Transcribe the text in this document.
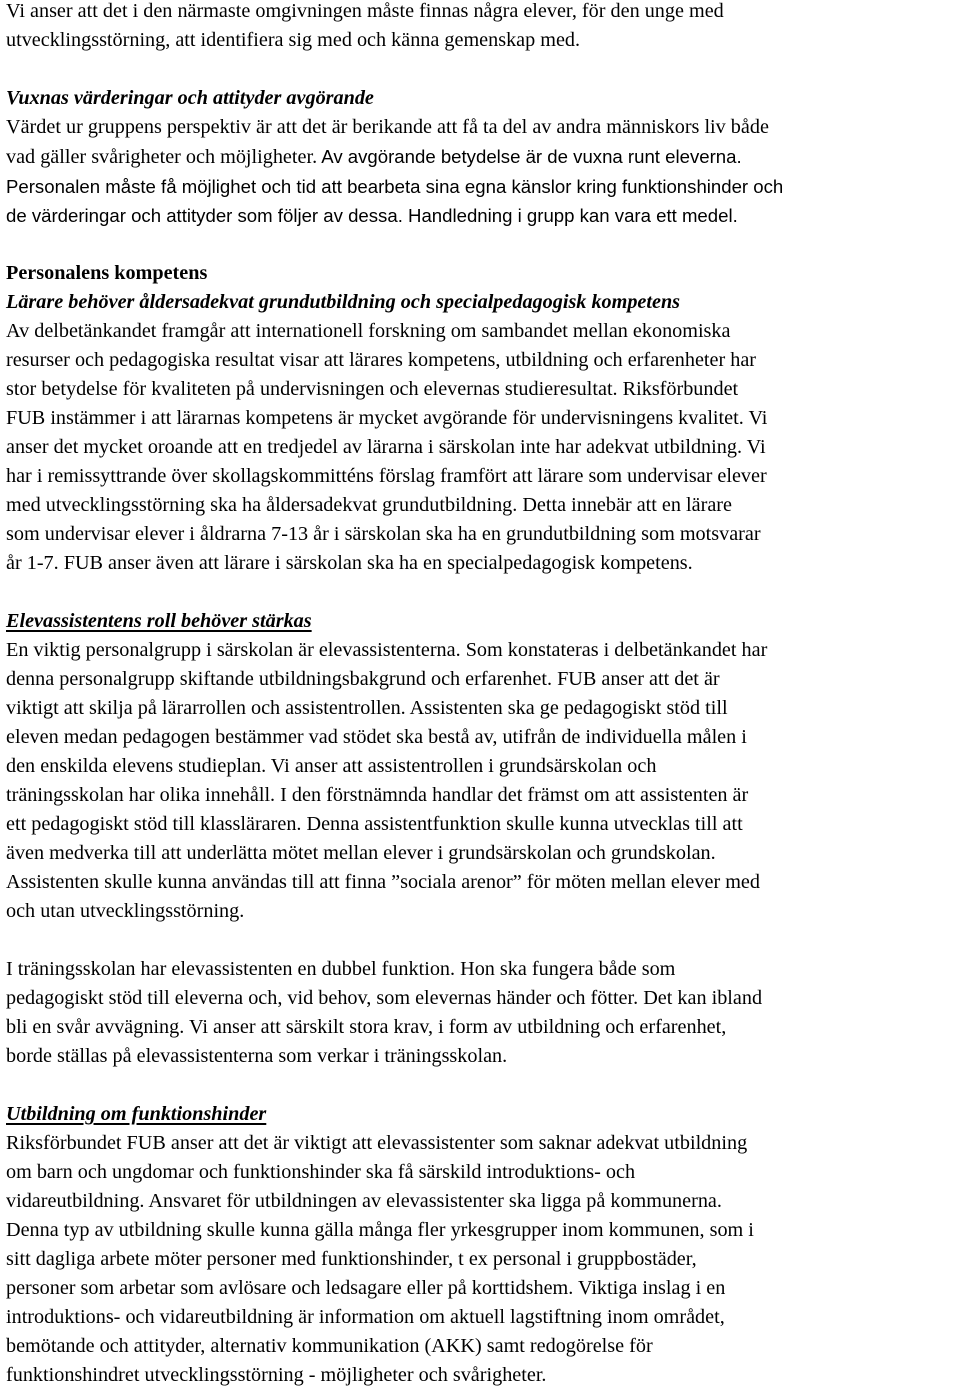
Vi anser att det i den närmaste omgivningen måste finnas några elever, för den unge med
utvecklingsstörning, att identifiera sig med och känna gemenskap med.
Vuxnas värderingar och attityder avgörande
Värdet ur gruppens perspektiv är att det är berikande att få ta del av andra människors liv både
vad gäller svårigheter och möjligheter. Av avgörande betydelse är de vuxna runt eleverna.
Personalen måste få möjlighet och tid att bearbeta sina egna känslor kring funktionshinder och
de värderingar och attityder som följer av dessa. Handledning i grupp kan vara ett medel.
Personalens kompetens
Lärare behöver åldersadekvat grundutbildning och specialpedagogisk kompetens
Av delbetänkandet framgår att internationell forskning om sambandet mellan ekonomiska
resurser och pedagogiska resultat visar att lärares kompetens, utbildning och erfarenheter har
stor betydelse för kvaliteten på undervisningen och elevernas studieresultat. Riksförbundet
FUB instämmer i att lärarnas kompetens är mycket avgörande för undervisningens kvalitet. Vi
anser det mycket oroande att en tredjedel av lärarna i särskolan inte har adekvat utbildning. Vi
har i remissyttrande över skollagskommitténs förslag framfört att lärare som undervisar elever
med utvecklingsstörning ska ha åldersadekvat grundutbildning. Detta innebär att en lärare
som undervisar elever i åldrarna 7-13 år i särskolan ska ha en grundutbildning som motsvarar
år 1-7. FUB anser även att lärare i särskolan ska ha en specialpedagogisk kompetens.
Elevassistentens roll behöver stärkas
En viktig personalgrupp i särskolan är elevassistenterna. Som konstateras i delbetänkandet har
denna personalgrupp skiftande utbildningsbakgrund och erfarenhet. FUB anser att det är
viktigt att skilja på lärarrollen och assistentrollen. Assistenten ska ge pedagogiskt stöd till
eleven medan pedagogen bestämmer vad stödet ska bestå av, utifrån de individuella målen i
den enskilda elevens studieplan. Vi anser att assistentrollen i grundsärskolan och
träningsskolan har olika innehåll. I den förstnämnda handlar det främst om att assistenten är
ett pedagogiskt stöd till klassläraren. Denna assistentfunktion skulle kunna utvecklas till att
även medverka till att underlätta mötet mellan elever i grundsärskolan och grundskolan.
Assistenten skulle kunna användas till att finna ”sociala arenor” för möten mellan elever med
och utan utvecklingsstörning.
I träningsskolan har elevassistenten en dubbel funktion. Hon ska fungera både som
pedagogiskt stöd till eleverna och, vid behov, som elevernas händer och fötter. Det kan ibland
bli en svår avvägning. Vi anser att särskilt stora krav, i form av utbildning och erfarenhet,
borde ställas på elevassistenterna som verkar i träningsskolan.
Utbildning om funktionshinder
Riksförbundet FUB anser att det är viktigt att elevassistenter som saknar adekvat utbildning
om barn och ungdomar och funktionshinder ska få särskild introduktions- och
vidareutbildning. Ansvaret för utbildningen av elevassistenter ska ligga på kommunerna.
Denna typ av utbildning skulle kunna gälla många fler yrkesgrupper inom kommunen, som i
sitt dagliga arbete möter personer med funktionshinder, t ex personal i gruppbostäder,
personer som arbetar som avlösare och ledsagare eller på korttidshem. Viktiga inslag i en
introduktions- och vidareutbildning är information om aktuell lagstiftning inom området,
bemötande och attityder, alternativ kommunikation (AKK) samt redogörelse för
funktionshindret utvecklingsstörning - möjligheter och svårigheter.
